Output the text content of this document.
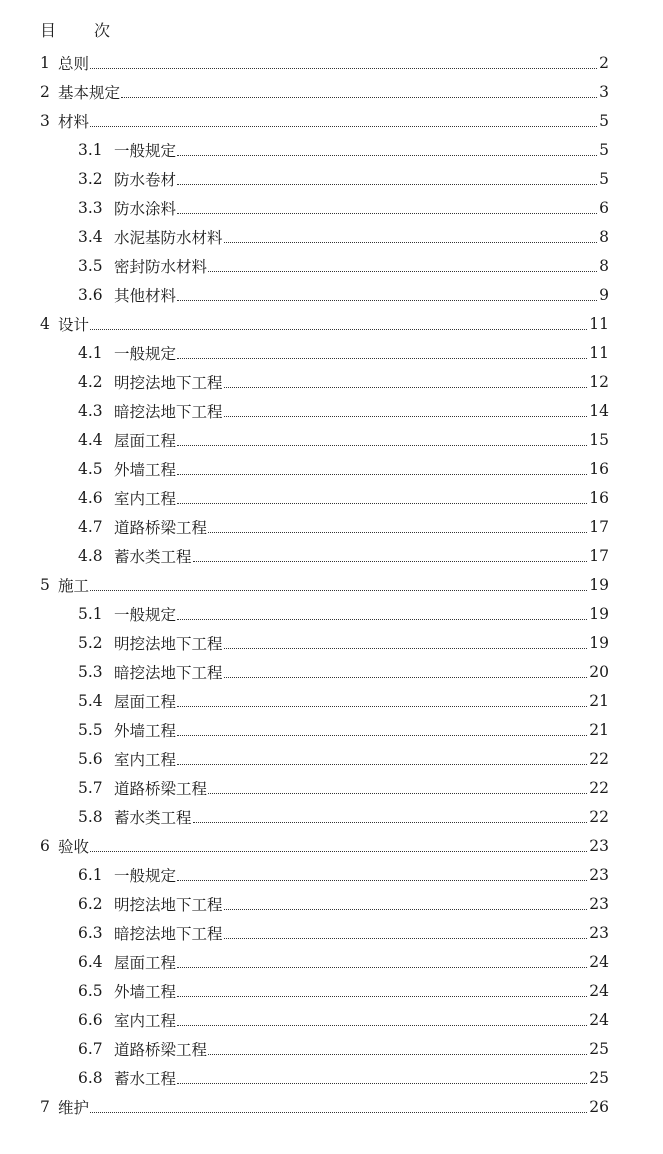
目 次
1 总则	2
2 基本规定	3
3 材料	5
3.1 一般规定	5
3.2 防水卷材	5
3.3 防水涂料	6
3.4 水泥基防水材料	8
3.5 密封防水材料	8
3.6 其他材料	9
4 设计	11
4.1 一般规定	11
4.2 明挖法地下工程	12
4.3 暗挖法地下工程	14
4.4 屋面工程	15
4.5 外墙工程	16
4.6 室内工程	16
4.7 道路桥梁工程	17
4.8 蓄水类工程	17
5 施工	19
5.1 一般规定	19
5.2 明挖法地下工程	19
5.3 暗挖法地下工程	20
5.4 屋面工程	21
5.5 外墙工程	21
5.6 室内工程	22
5.7 道路桥梁工程	22
5.8 蓄水类工程	22
6 验收	23
6.1 一般规定	23
6.2 明挖法地下工程	23
6.3 暗挖法地下工程	23
6.4 屋面工程	24
6.5 外墙工程	24
6.6 室内工程	24
6.7 道路桥梁工程	25
6.8 蓄水工程	25
7 维护	26
